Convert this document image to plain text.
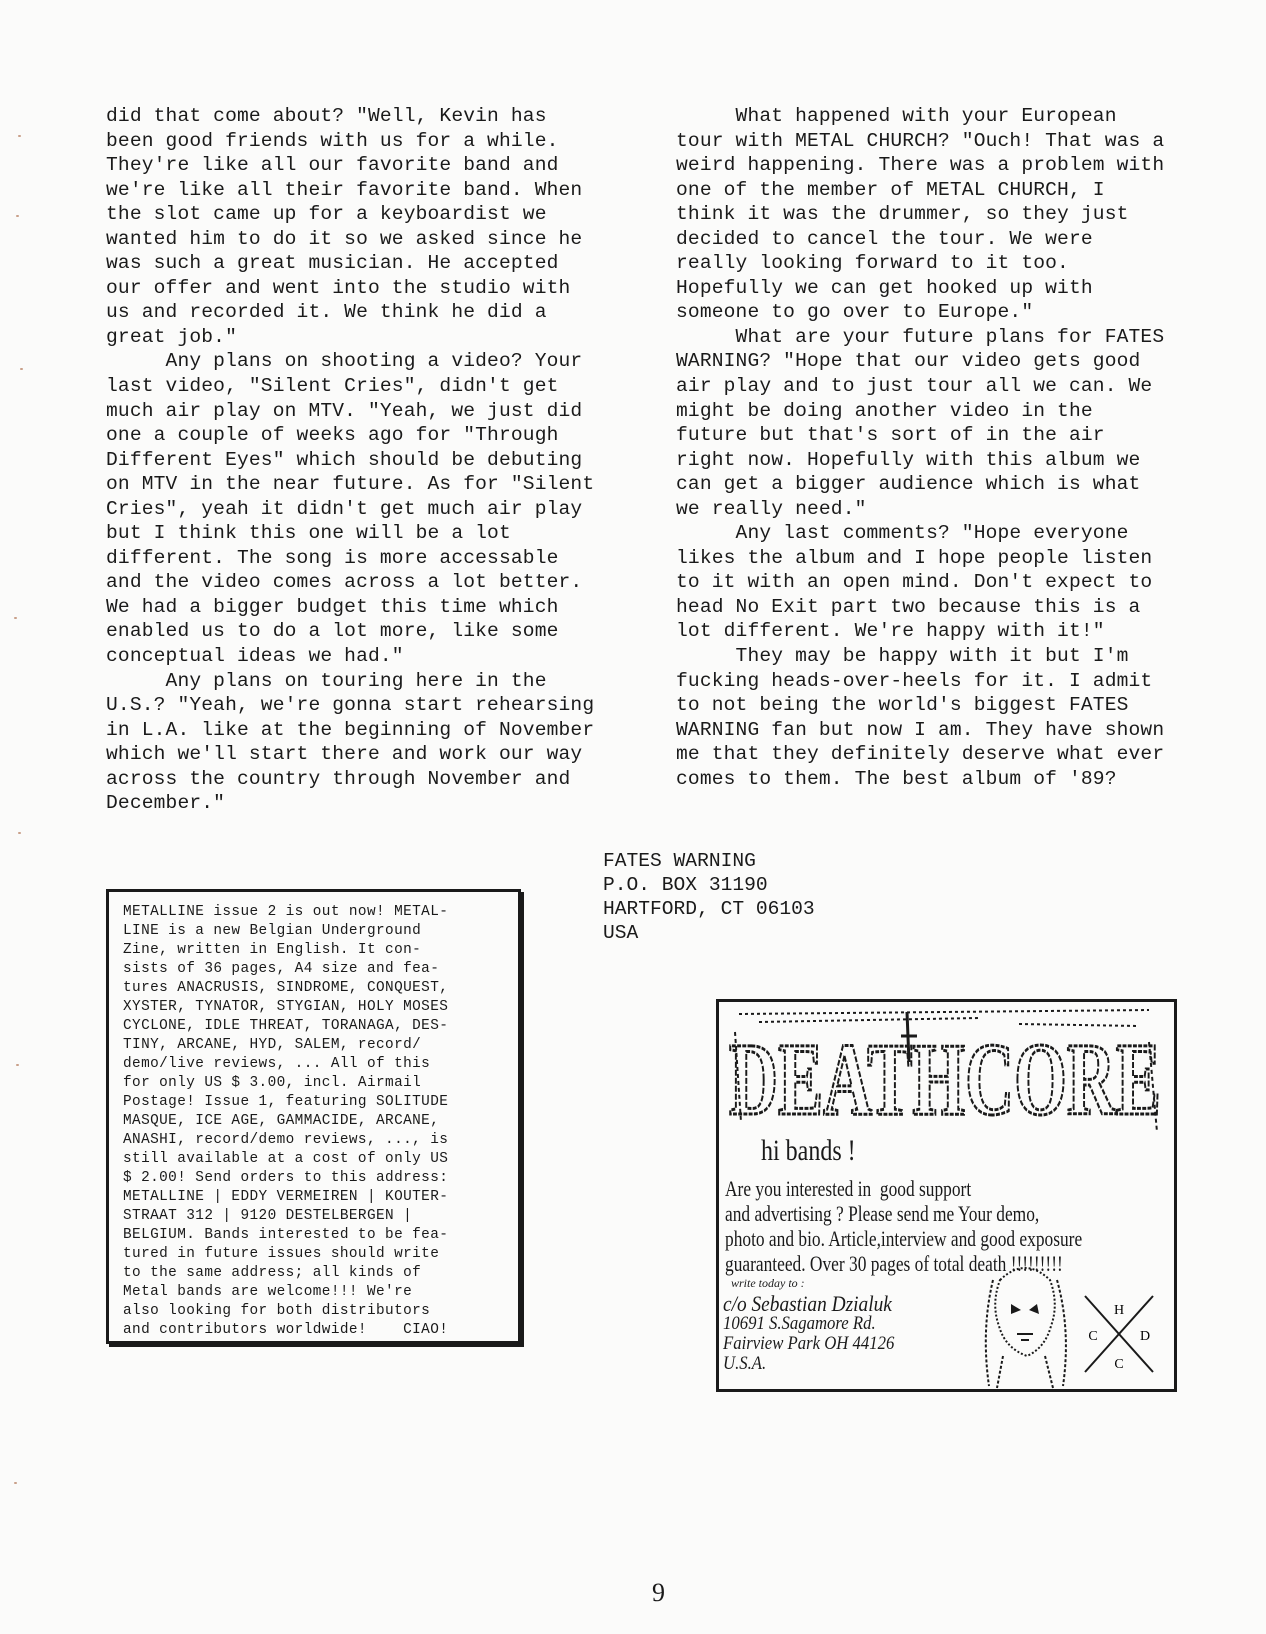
did that come about? "Well, Kevin has

been good friends with us for a while.

They're like all our favorite band and

we're like all their favorite band. When

the slot came up for a keyboardist we

wanted him to do it so we asked since he

was such a great musician. He accepted

our offer and went into the studio with

us and recorded it. We think he did a

great job."

Any plans on shooting a video? Your

last video, "Silent Cries", didn't get

much air play on MTV. "Yeah, we just did

one a couple of weeks ago for "Through

Different Eyes" which should be debuting

on MTV in the near future. As for "Silent

Cries", yeah it didn't get much air play

but I think this one will be a lot

different. The song is more accessable

and the video comes across a lot better.

We had a bigger budget this time which

enabled us to do a lot more, like some

conceptual ideas we had."

Any plans on touring here in the

U.S.? "Yeah, we're gonna start rehearsing

in L.A. like at the beginning of November

which we'll start there and work our way

across the country through November and

December."

What happened with your European

tour with METAL CHURCH? "Ouch! That was a

weird happening. There was a problem with

one of the member of METAL CHURCH, I

think it was the drummer, so they just

decided to cancel the tour. We were

really looking forward to it too.

Hopefully we can get hooked up with

someone to go over to Europe."

What are your future plans for FATES

WARNING? "Hope that our video gets good

air play and to just tour all we can. We

might be doing another video in the

future but that's sort of in the air

right now. Hopefully with this album we

can get a bigger audience which is what

we really need."

Any last comments? "Hope everyone

likes the album and I hope people listen

to it with an open mind. Don't expect to

head No Exit part two because this is a

lot different. We're happy with it!"

They may be happy with it but I'm

fucking heads-over-heels for it. I admit

to not being the world's biggest FATES

WARNING fan but now I am. They have shown

me that they definitely deserve what ever

comes to them. The best album of '89?

FATES WARNING
P.O. BOX 31190
HARTFORD, CT 06103
USA
METALLINE issue 2 is out now! METAL-
LINE is a new Belgian Underground
Zine, written in English. It con-
sists of 36 pages, A4 size and fea-
tures ANACRUSIS, SINDROME, CONQUEST,
XYSTER, TYNATOR, STYGIAN, HOLY MOSES
CYCLONE, IDLE THREAT, TORANAGA, DES-
TINY, ARCANE, HYD, SALEM, record/
demo/live reviews, ... All of this
for only US $ 3.00, incl. Airmail
Postage! Issue 1, featuring SOLITUDE
MASQUE, ICE AGE, GAMMACIDE, ARCANE,
ANASHI, record/demo reviews, ..., is
still available at a cost of only US
$ 2.00! Send orders to this address:
METALLINE | EDDY VERMEIREN | KOUTER-
STRAAT 312 | 9120 DESTELBERGEN |
BELGIUM. Bands interested to be fea-
tured in future issues should write
to the same address; all kinds of
Metal bands are welcome!!! We're
also looking for both distributors
and contributors worldwide!    CIAO!
DEATHCORE
hi bands !
Are you interested in  good support
and advertising ? Please send me Your demo,
photo and bio. Article,interview and good exposure
guaranteed. Over 30 pages of total death !!!!!!!!!
write today to :
c/o Sebastian Dzialuk
10691 S.Sagamore Rd.
Fairview Park OH 44126
U.S.A.
H
C	D
C
9
